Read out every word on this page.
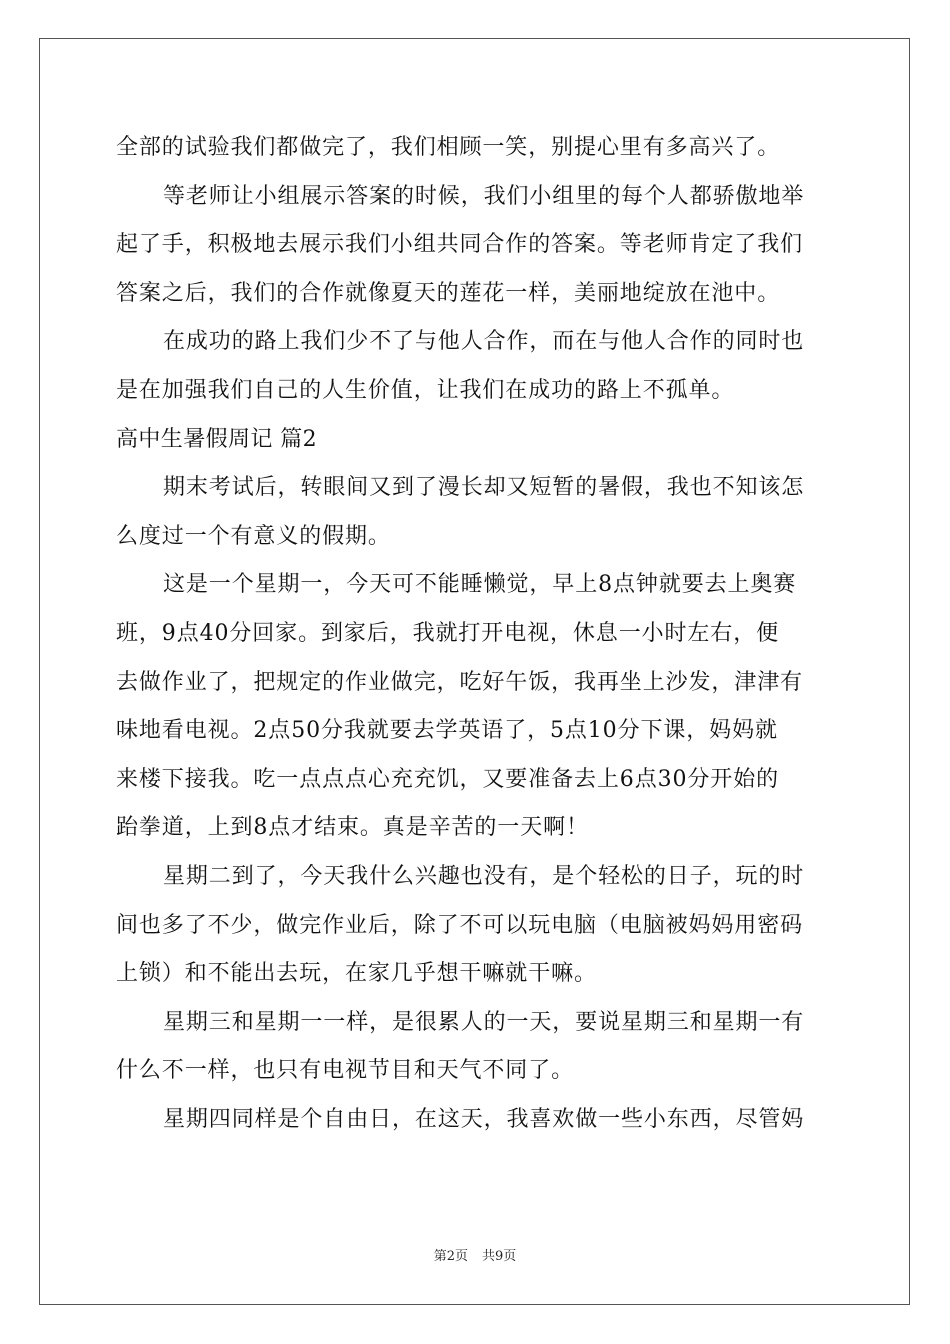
全部的试验我们都做完了，我们相顾一笑，别提心里有多高兴了。
等老师让小组展示答案的时候，我们小组里的每个人都骄傲地举
起了手，积极地去展示我们小组共同合作的答案。等老师肯定了我们
答案之后，我们的合作就像夏天的莲花一样，美丽地绽放在池中。
在成功的路上我们少不了与他人合作，而在与他人合作的同时也
是在加强我们自己的人生价值，让我们在成功的路上不孤单。
高中生暑假周记 篇2
期末考试后，转眼间又到了漫长却又短暂的暑假，我也不知该怎
么度过一个有意义的假期。
这是一个星期一，今天可不能睡懒觉，早上8点钟就要去上奥赛
班，9点40分回家。到家后，我就打开电视，休息一小时左右，便
去做作业了，把规定的作业做完，吃好午饭，我再坐上沙发，津津有
味地看电视。2点50分我就要去学英语了，5点10分下课，妈妈就
来楼下接我。吃一点点点心充充饥，又要准备去上6点30分开始的
跆拳道，上到8点才结束。真是辛苦的一天啊！
星期二到了，今天我什么兴趣也没有，是个轻松的日子，玩的时
间也多了不少，做完作业后，除了不可以玩电脑（电脑被妈妈用密码
上锁）和不能出去玩，在家几乎想干嘛就干嘛。
星期三和星期一一样，是很累人的一天，要说星期三和星期一有
什么不一样，也只有电视节目和天气不同了。
星期四同样是个自由日，在这天，我喜欢做一些小东西，尽管妈
第2页 共9页
